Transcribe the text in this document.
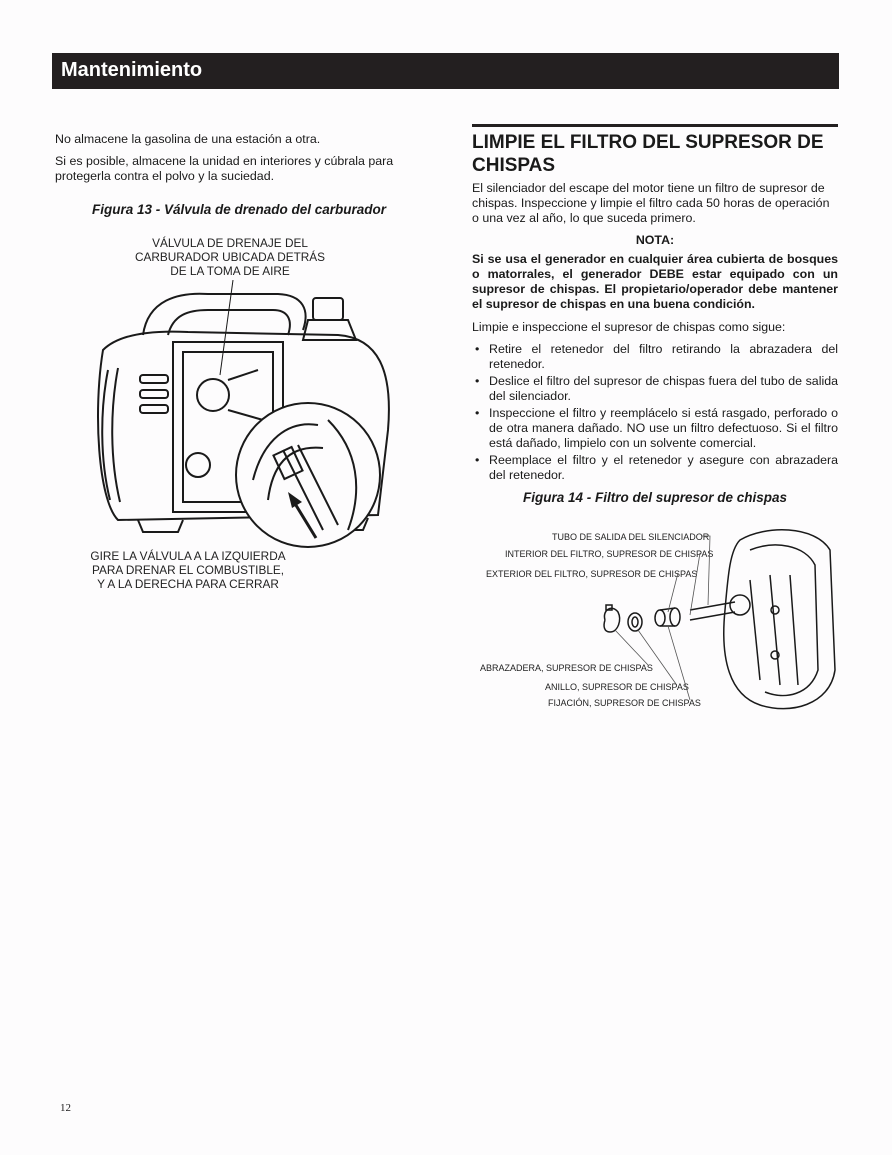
Mantenimiento

No almacene la gasolina de una estación a otra.

Si es posible, almacene la unidad en interiores y cúbrala para protegerla contra el polvo y la suciedad.

Figura 13 - Válvula de drenado del carburador
VÁLVULA DE DRENAJE DEL CARBURADOR UBICADA DETRÁS DE LA TOMA DE AIRE
GIRE LA VÁLVULA A LA IZQUIERDA PARA DRENAR EL COMBUSTIBLE, Y A LA DERECHA PARA CERRAR
LIMPIE EL FILTRO DEL SUPRESOR DE CHISPAS

El silenciador del escape del motor tiene un filtro de supresor de chispas. Inspeccione y limpie el filtro cada 50 horas de operación o una vez al año, lo que suceda primero.

NOTA:

Si se usa el generador en cualquier área cubierta de bosques o matorrales, el generador DEBE estar equipado con un supresor de chispas. El propietario/operador debe mantener el supresor de chispas en una buena condición.

Limpie e inspeccione el supresor de chispas como sigue:

• Retire el retenedor del filtro retirando la abrazadera del retenedor.
• Deslice el filtro del supresor de chispas fuera del tubo de salida del silenciador.
• Inspeccione el filtro y reemplácelo si está rasgado, perforado o de otra manera dañado. NO use un filtro defectuoso. Si el filtro está dañado, limpielo con un solvente comercial.
• Reemplace el filtro y el retenedor y asegure con abrazadera del retenedor.
Figura 14 - Filtro del supresor de chispas
TUBO DE SALIDA DEL SILENCIADOR
INTERIOR DEL FILTRO, SUPRESOR DE CHISPAS
EXTERIOR DEL FILTRO, SUPRESOR DE CHISPAS
ABRAZADERA, SUPRESOR DE CHISPAS
ANILLO, SUPRESOR DE CHISPAS
FIJACIÓN, SUPRESOR DE CHISPAS
12
